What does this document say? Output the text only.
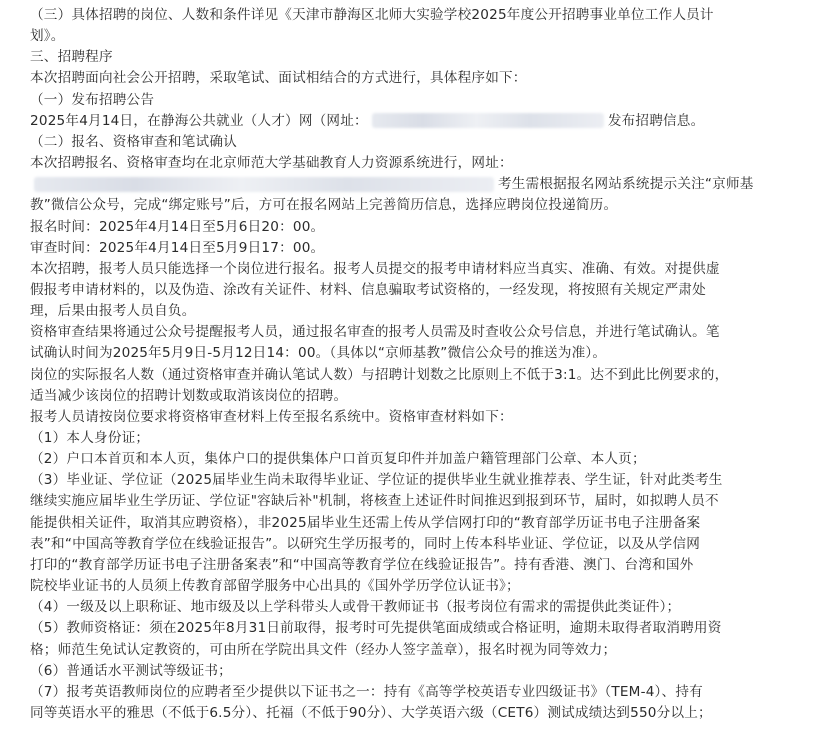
（三）具体招聘的岗位、人数和条件详见《天津市静海区北师大实验学校2025年度公开招聘事业单位工作人员计
划》。
三、招聘程序
本次招聘面向社会公开招聘，采取笔试、面试相结合的方式进行，具体程序如下：
（一）发布招聘公告
2025年4月14日，在静海公共就业（人才）网（网址：	发布招聘信息。
（二）报名、资格审查和笔试确认
本次招聘报名、资格审查均在北京师范大学基础教育人力资源系统进行，网址：
考生需根据报名网站系统提示关注“京师基
教”微信公众号，完成“绑定账号”后，方可在报名网站上完善简历信息，选择应聘岗位投递简历。
报名时间：2025年4月14日至5月6日20：00。
审查时间：2025年4月14日至5月9日17：00。
本次招聘，报考人员只能选择一个岗位进行报名。报考人员提交的报考申请材料应当真实、准确、有效。对提供虚
假报考申请材料的，以及伪造、涂改有关证件、材料、信息骗取考试资格的，一经发现，将按照有关规定严肃处
理，后果由报考人员自负。
资格审查结果将通过公众号提醒报考人员，通过报名审查的报考人员需及时查收公众号信息，并进行笔试确认。笔
试确认时间为2025年5月9日-5月12日14：00。（具体以“京师基教”微信公众号的推送为准）。
岗位的实际报名人数（通过资格审查并确认笔试人数）与招聘计划数之比原则上不低于3:1。达不到此比例要求的，
适当减少该岗位的招聘计划数或取消该岗位的招聘。
报考人员请按岗位要求将资格审查材料上传至报名系统中。资格审查材料如下：
（1）本人身份证；
（2）户口本首页和本人页，集体户口的提供集体户口首页复印件并加盖户籍管理部门公章、本人页；
（3）毕业证、学位证（2025届毕业生尚未取得毕业证、学位证的提供毕业生就业推荐表、学生证，针对此类考生
继续实施应届毕业生学历证、学位证"容缺后补"机制，将核查上述证件时间推迟到报到环节，届时，如拟聘人员不
能提供相关证件，取消其应聘资格），非2025届毕业生还需上传从学信网打印的“教育部学历证书电子注册备案
表”和“中国高等教育学位在线验证报告”。以研究生学历报考的，同时上传本科毕业证、学位证，以及从学信网
打印的“教育部学历证书电子注册备案表”和“中国高等教育学位在线验证报告”。持有香港、澳门、台湾和国外
院校毕业证书的人员须上传教育部留学服务中心出具的《国外学历学位认证书》；
（4）一级及以上职称证、地市级及以上学科带头人或骨干教师证书（报考岗位有需求的需提供此类证件）；
（5）教师资格证：须在2025年8月31日前取得，报考时可先提供笔面成绩或合格证明，逾期未取得者取消聘用资
格；师范生免试认定教资的，可由所在学院出具文件（经办人签字盖章），报名时视为同等效力；
（6）普通话水平测试等级证书；
（7）报考英语教师岗位的应聘者至少提供以下证书之一：持有《高等学校英语专业四级证书》（TEM-4）、持有
同等英语水平的雅思（不低于6.5分）、托福（不低于90分）、大学英语六级（CET6）测试成绩达到550分以上；
